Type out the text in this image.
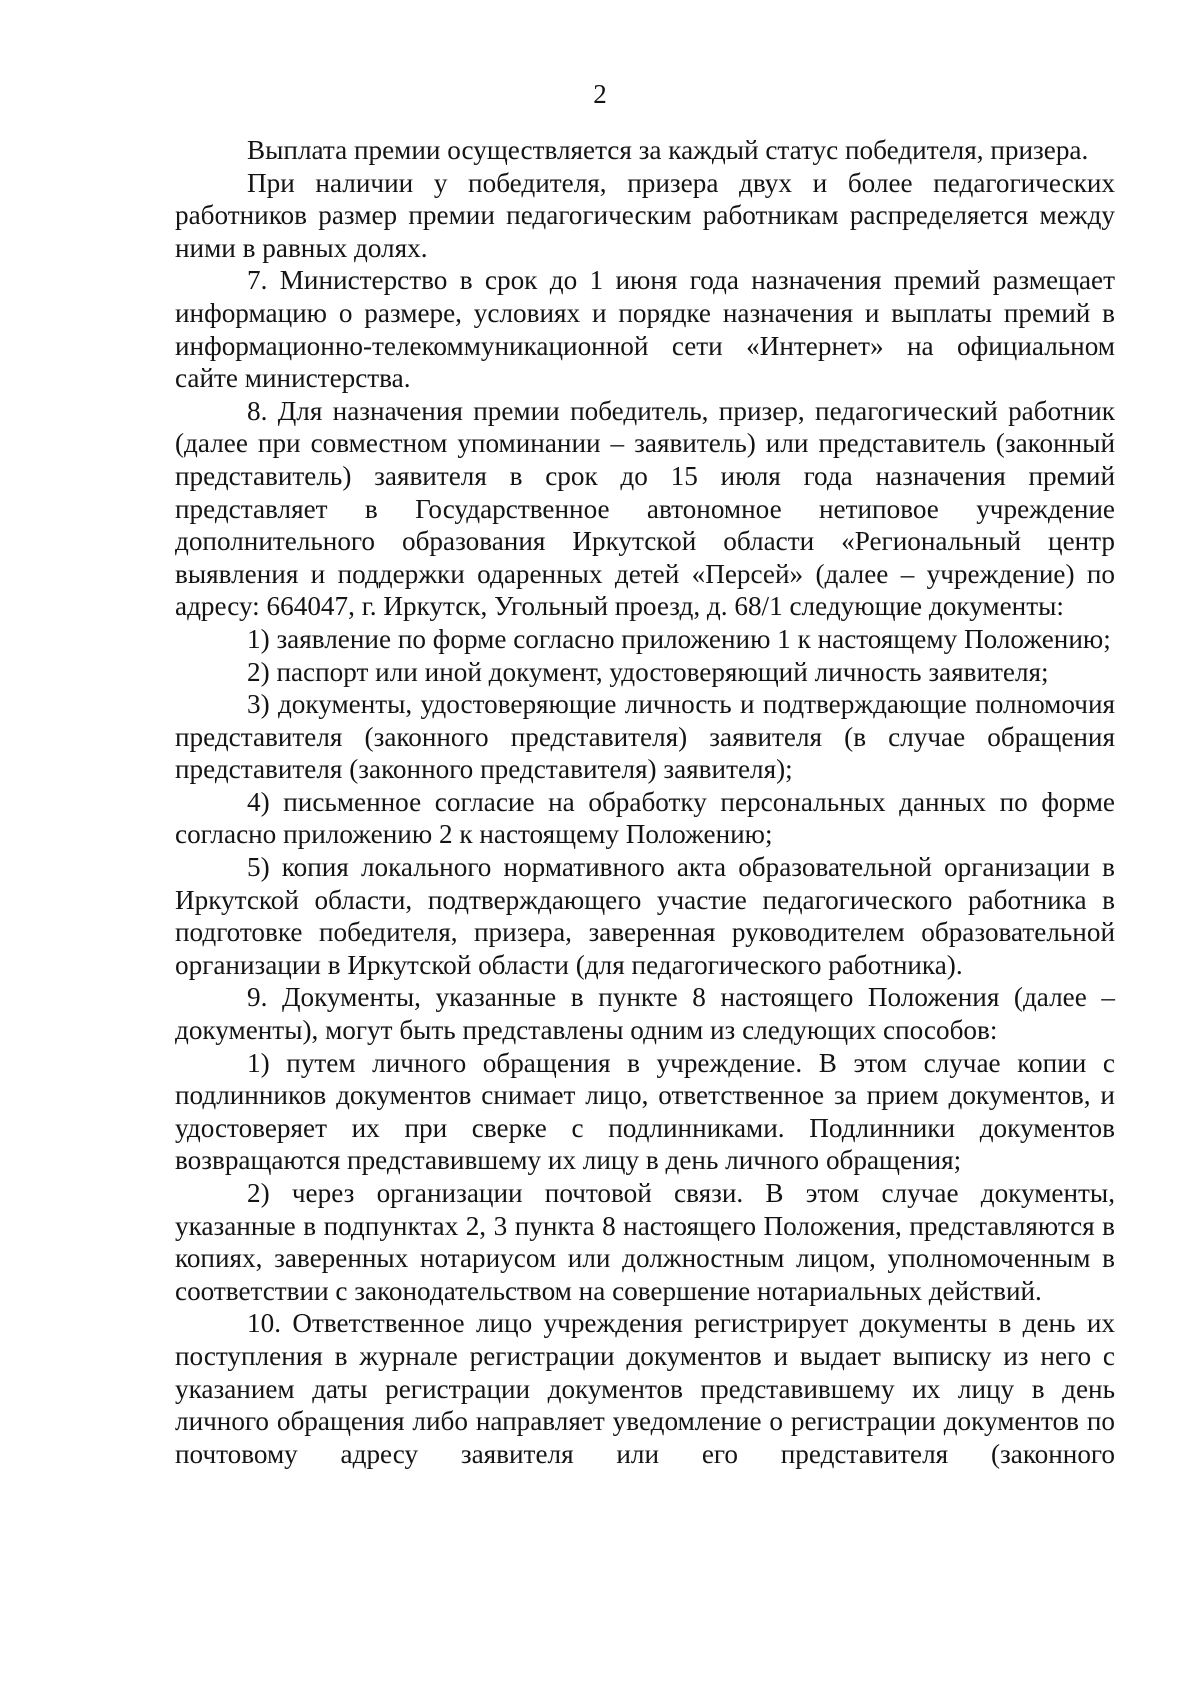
2

Выплата премии осуществляется за каждый статус победителя, призера.

При наличии у победителя, призера двух и более педагогических работников размер премии педагогическим работникам распределяется между ними в равных долях.

7. Министерство в срок до 1 июня года назначения премий размещает информацию о размере, условиях и порядке назначения и выплаты премий в информационно-телекоммуникационной сети «Интернет» на официальном сайте министерства.

8. Для назначения премии победитель, призер, педагогический работник (далее при совместном упоминании – заявитель) или представитель (законный представитель) заявителя в срок до 15 июля года назначения премий представляет в Государственное автономное нетиповое учреждение дополнительного образования Иркутской области «Региональный центр выявления и поддержки одаренных детей «Персей» (далее – учреждение) по адресу: 664047, г. Иркутск, Угольный проезд, д. 68/1 следующие документы:

1) заявление по форме согласно приложению 1 к настоящему Положению;

2) паспорт или иной документ, удостоверяющий личность заявителя;

3) документы, удостоверяющие личность и подтверждающие полномочия представителя (законного представителя) заявителя (в случае обращения представителя (законного представителя) заявителя);

4) письменное согласие на обработку персональных данных по форме согласно приложению 2 к настоящему Положению;

5) копия локального нормативного акта образовательной организации в Иркутской области, подтверждающего участие педагогического работника в подготовке победителя, призера, заверенная руководителем образовательной организации в Иркутской области (для педагогического работника).

9. Документы, указанные в пункте 8 настоящего Положения (далее – документы), могут быть представлены одним из следующих способов:

1) путем личного обращения в учреждение. В этом случае копии с подлинников документов снимает лицо, ответственное за прием документов, и удостоверяет их при сверке с подлинниками. Подлинники документов возвращаются представившему их лицу в день личного обращения;

2) через организации почтовой связи. В этом случае документы, указанные в подпунктах 2, 3 пункта 8 настоящего Положения, представляются в копиях, заверенных нотариусом или должностным лицом, уполномоченным в соответствии с законодательством на совершение нотариальных действий.

10. Ответственное лицо учреждения регистрирует документы в день их поступления в журнале регистрации документов и выдает выписку из него с указанием даты регистрации документов представившему их лицу в день личного обращения либо направляет уведомление о регистрации документов по почтовому адресу заявителя или его представителя (законного
